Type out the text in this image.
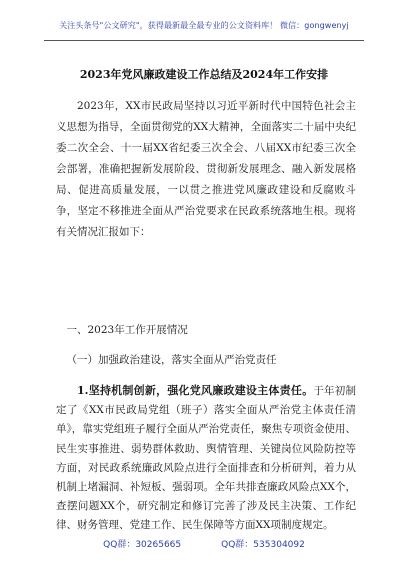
关注头条号"公文研究"，获得最新最全最专业的公文资料库！ 微信：gongwenyj
2023年党风廉政建设工作总结及2024年工作安排

2023年，XX市民政局坚持以习近平新时代中国特色社会主义思想为指导，全面贯彻党的XX大精神，全面落实二十届中央纪委二次全会、十一届XX省纪委三次全会、八届XX市纪委三次全会部署，准确把握新发展阶段、贯彻新发展理念、融入新发展格局、促进高质量发展，一以贯之推进党风廉政建设和反腐败斗争，坚定不移推进全面从严治党要求在民政系统落地生根。现将有关情况汇报如下：

一、2023年工作开展情况

（一）加强政治建设，落实全面从严治党责任

1.坚持机制创新，强化党风廉政建设主体责任。于年初制定了《XX市民政局党组（班子）落实全面从严治党主体责任清单》，靠实党组班子履行全面从严治党责任，聚焦专项资金使用、民生实事推进、弱势群体救助、舆情管理、关键岗位风险防控等方面，对民政系统廉政风险点进行全面排查和分析研判，着力从机制上堵漏洞、补短板、强弱项。全年共排查廉政风险点XX个，查摆问题XX个，研究制定和修订完善了涉及民主决策、工作纪律、财务管理、党建工作、民生保障等方面XX项制度规定。

QQ群：30265665	QQ群：535304092
